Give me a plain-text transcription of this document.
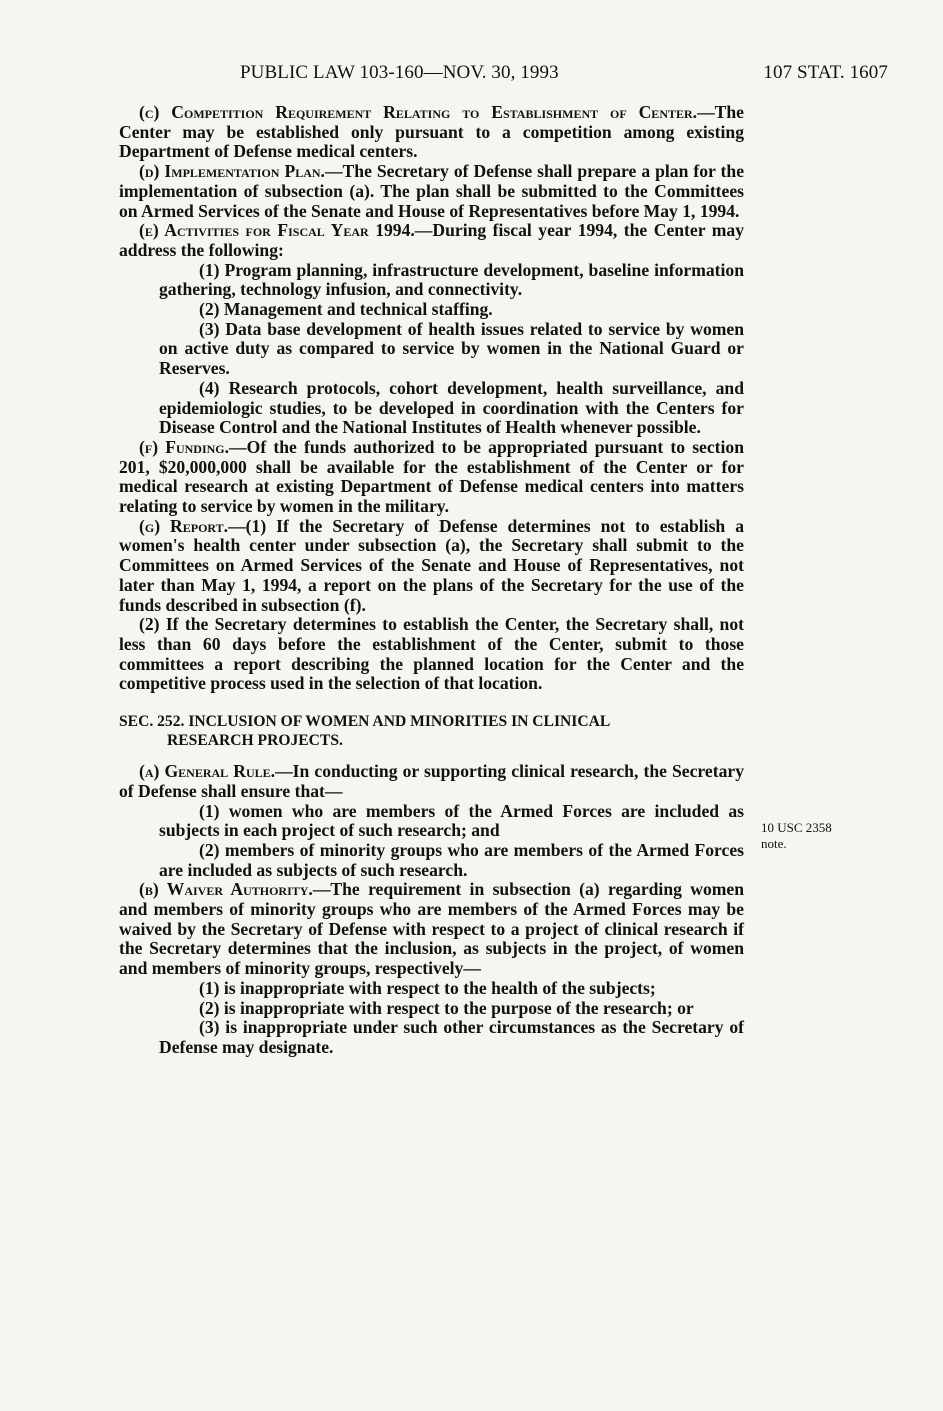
PUBLIC LAW 103-160—NOV. 30, 1993	107 STAT. 1607

(c) Competition Requirement Relating to Establishment of Center.—The Center may be established only pursuant to a competition among existing Department of Defense medical centers.

(d) Implementation Plan.—The Secretary of Defense shall prepare a plan for the implementation of subsection (a). The plan shall be submitted to the Committees on Armed Services of the Senate and House of Representatives before May 1, 1994.

(e) Activities for Fiscal Year 1994.—During fiscal year 1994, the Center may address the following:

(1) Program planning, infrastructure development, baseline information gathering, technology infusion, and connectivity.

(2) Management and technical staffing.

(3) Data base development of health issues related to service by women on active duty as compared to service by women in the National Guard or Reserves.

(4) Research protocols, cohort development, health surveillance, and epidemiologic studies, to be developed in coordination with the Centers for Disease Control and the National Institutes of Health whenever possible.

(f) Funding.—Of the funds authorized to be appropriated pursuant to section 201, $20,000,000 shall be available for the establishment of the Center or for medical research at existing Department of Defense medical centers into matters relating to service by women in the military.

(g) Report.—(1) If the Secretary of Defense determines not to establish a women's health center under subsection (a), the Secretary shall submit to the Committees on Armed Services of the Senate and House of Representatives, not later than May 1, 1994, a report on the plans of the Secretary for the use of the funds described in subsection (f).

(2) If the Secretary determines to establish the Center, the Secretary shall, not less than 60 days before the establishment of the Center, submit to those committees a report describing the planned location for the Center and the competitive process used in the selection of that location.

SEC. 252. INCLUSION OF WOMEN AND MINORITIES IN CLINICAL
RESEARCH PROJECTS.

(a) General Rule.—In conducting or supporting clinical research, the Secretary of Defense shall ensure that—

(1) women who are members of the Armed Forces are included as subjects in each project of such research; and

(2) members of minority groups who are members of the Armed Forces are included as subjects of such research.

(b) Waiver Authority.—The requirement in subsection (a) regarding women and members of minority groups who are members of the Armed Forces may be waived by the Secretary of Defense with respect to a project of clinical research if the Secretary determines that the inclusion, as subjects in the project, of women and members of minority groups, respectively—

(1) is inappropriate with respect to the health of the subjects;

(2) is inappropriate with respect to the purpose of the research; or

(3) is inappropriate under such other circumstances as the Secretary of Defense may designate.

10 USC 2358
note.
